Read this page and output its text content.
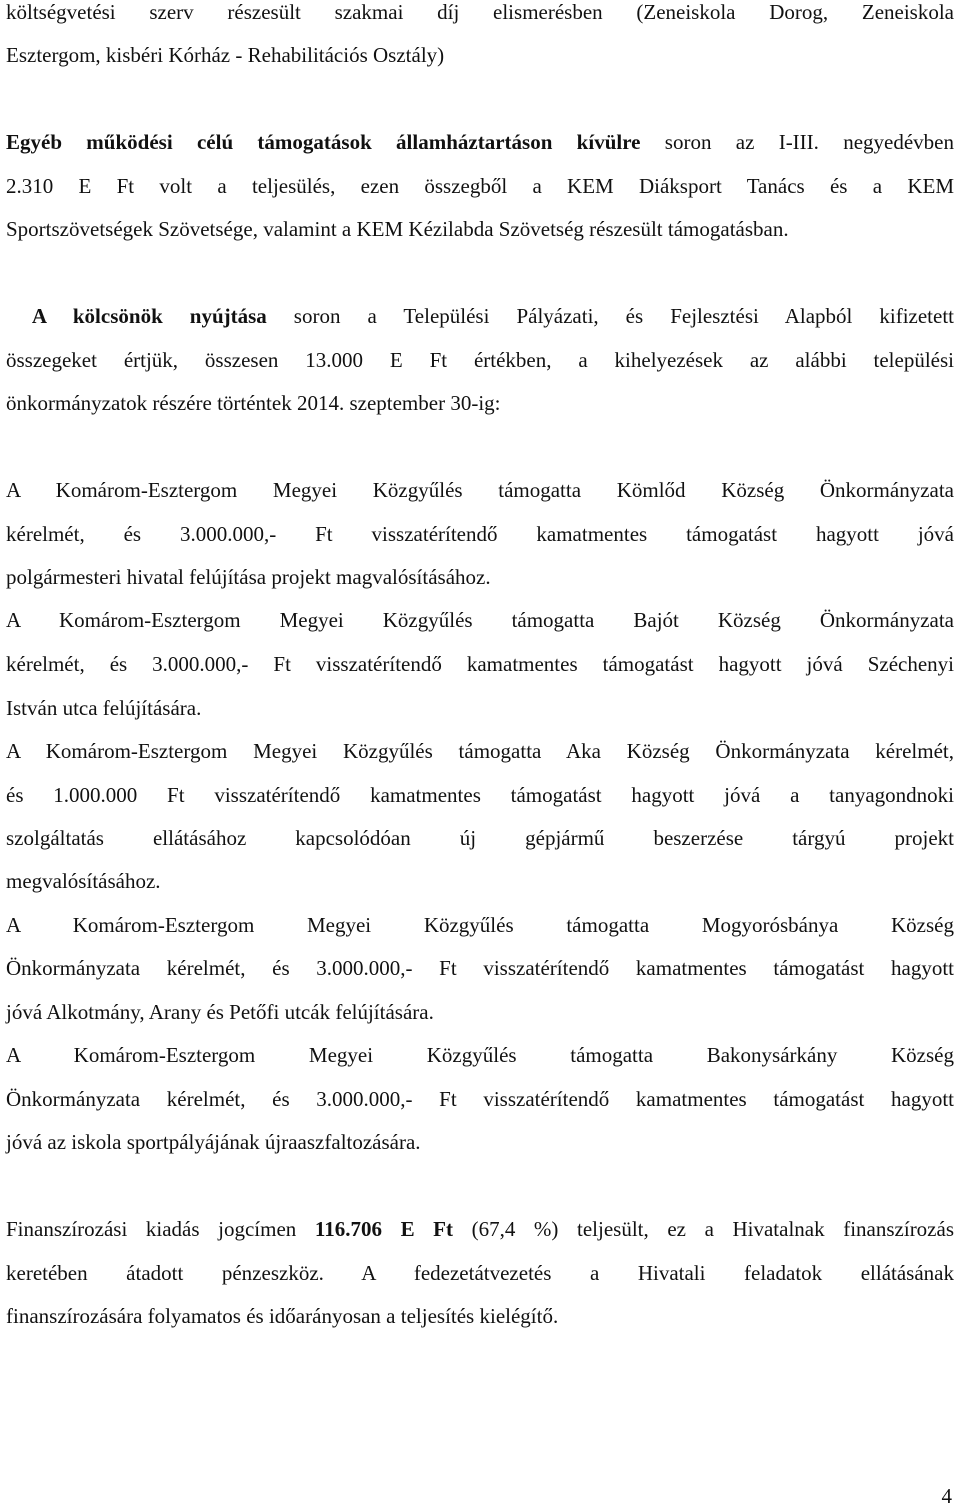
költségvetési szerv részesült szakmai díj elismerésben (Zeneiskola Dorog, Zeneiskola
Esztergom, kisbéri Kórház - Rehabilitációs Osztály)
Egyéb működési célú támogatások államháztartáson kívülre soron az I-III. negyedévben
2.310 E Ft volt a teljesülés, ezen összegből a KEM Diáksport Tanács és a KEM
Sportszövetségek Szövetsége, valamint a KEM Kézilabda Szövetség részesült támogatásban.
A kölcsönök nyújtása soron a Települési Pályázati, és Fejlesztési Alapból kifizetett
összegeket értjük, összesen 13.000 E Ft értékben, a kihelyezések az alábbi települési
önkormányzatok részére történtek 2014. szeptember 30-ig:
A Komárom-Esztergom Megyei Közgyűlés támogatta Kömlőd Község Önkormányzata
kérelmét, és 3.000.000,- Ft visszatérítendő kamatmentes támogatást hagyott jóvá
polgármesteri hivatal felújítása projekt magvalósításához.
A Komárom-Esztergom Megyei Közgyűlés támogatta Bajót Község Önkormányzata
kérelmét, és 3.000.000,- Ft visszatérítendő kamatmentes támogatást hagyott jóvá Széchenyi
István utca felújítására.
A Komárom-Esztergom Megyei Közgyűlés támogatta Aka Község Önkormányzata kérelmét,
és 1.000.000 Ft visszatérítendő kamatmentes támogatást hagyott jóvá a tanyagondnoki
szolgáltatás ellátásához kapcsolódóan új gépjármű beszerzése tárgyú projekt
megvalósításához.
A Komárom-Esztergom Megyei Közgyűlés támogatta Mogyorósbánya Község
Önkormányzata kérelmét, és 3.000.000,- Ft visszatérítendő kamatmentes támogatást hagyott
jóvá Alkotmány, Arany és Petőfi utcák felújítására.
A Komárom-Esztergom Megyei Közgyűlés támogatta Bakonysárkány Község
Önkormányzata kérelmét, és 3.000.000,- Ft visszatérítendő kamatmentes támogatást hagyott
jóvá az iskola sportpályájának újraaszfaltozására.
Finanszírozási kiadás jogcímen 116.706 E Ft (67,4 %) teljesült, ez a Hivatalnak finanszírozás
keretében átadott pénzeszköz. A fedezetátvezetés a Hivatali feladatok ellátásának
finanszírozására folyamatos és időarányosan a teljesítés kielégítő.
4
